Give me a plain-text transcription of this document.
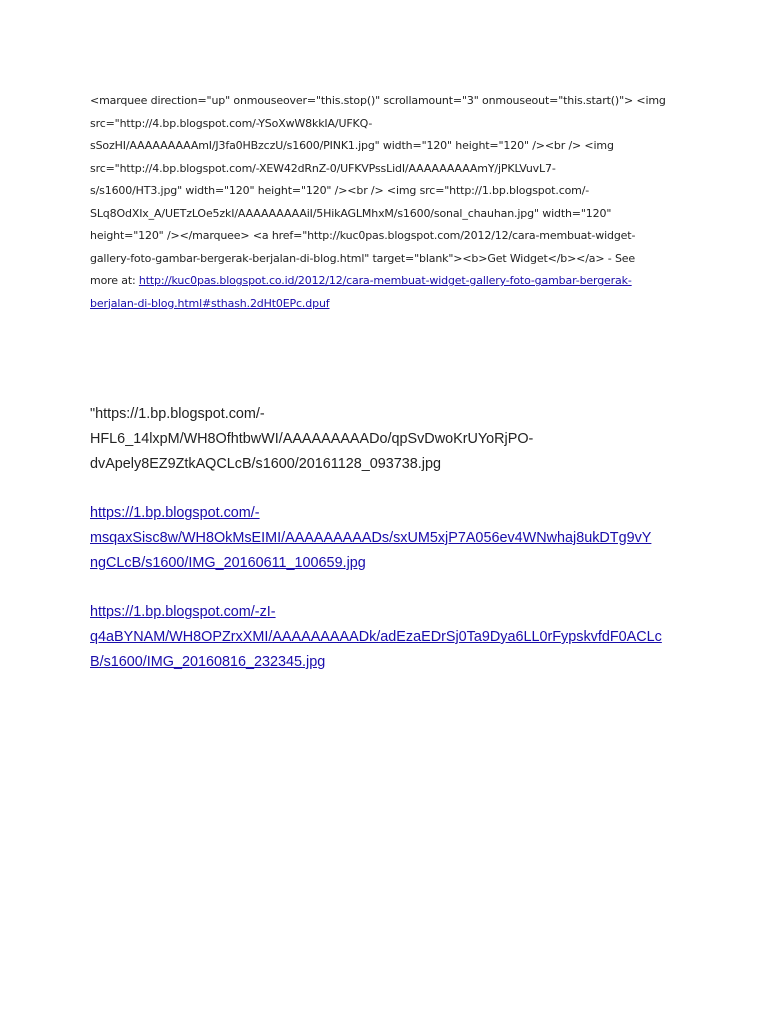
<marquee direction="up" onmouseover="this.stop()" scrollamount="3" onmouseout="this.start()"> <img
src="http://4.bp.blogspot.com/-YSoXwW8kkIA/UFKQ-
sSozHI/AAAAAAAAAmI/J3fa0HBzczU/s1600/PINK1.jpg" width="120" height="120" /><br /> <img
src="http://4.bp.blogspot.com/-XEW42dRnZ-0/UFKVPssLidI/AAAAAAAAAmY/jPKLVuvL7-
s/s1600/HT3.jpg" width="120" height="120" /><br /> <img src="http://1.bp.blogspot.com/-
SLq8OdXIx_A/UETzLOe5zkI/AAAAAAAAAiI/5HikAGLMhxM/s1600/sonal_chauhan.jpg" width="120"
height="120" /></marquee> <a href="http://kuc0pas.blogspot.com/2012/12/cara-membuat-widget-
gallery-foto-gambar-bergerak-berjalan-di-blog.html" target="blank"><b>Get Widget</b></a> - See
more at: http://kuc0pas.blogspot.co.id/2012/12/cara-membuat-widget-gallery-foto-gambar-bergerak-
berjalan-di-blog.html#sthash.2dHt0EPc.dpuf
"https://1.bp.blogspot.com/-
HFL6_14lxpM/WH8OfhtbwWI/AAAAAAAAADo/qpSvDwoKrUYoRjPO-
dvApely8EZ9ZtkAQCLcB/s1600/20161128_093738.jpg
https://1.bp.blogspot.com/-
msqaxSisc8w/WH8OkMsEIMI/AAAAAAAAADs/sxUM5xjP7A056ev4WNwhaj8ukDTg9vY
ngCLcB/s1600/IMG_20160611_100659.jpg
https://1.bp.blogspot.com/-zI-
q4aBYNAM/WH8OPZrxXMI/AAAAAAAAADk/adEzaEDrSj0Ta9Dya6LL0rFypskvfdF0ACLc
B/s1600/IMG_20160816_232345.jpg
